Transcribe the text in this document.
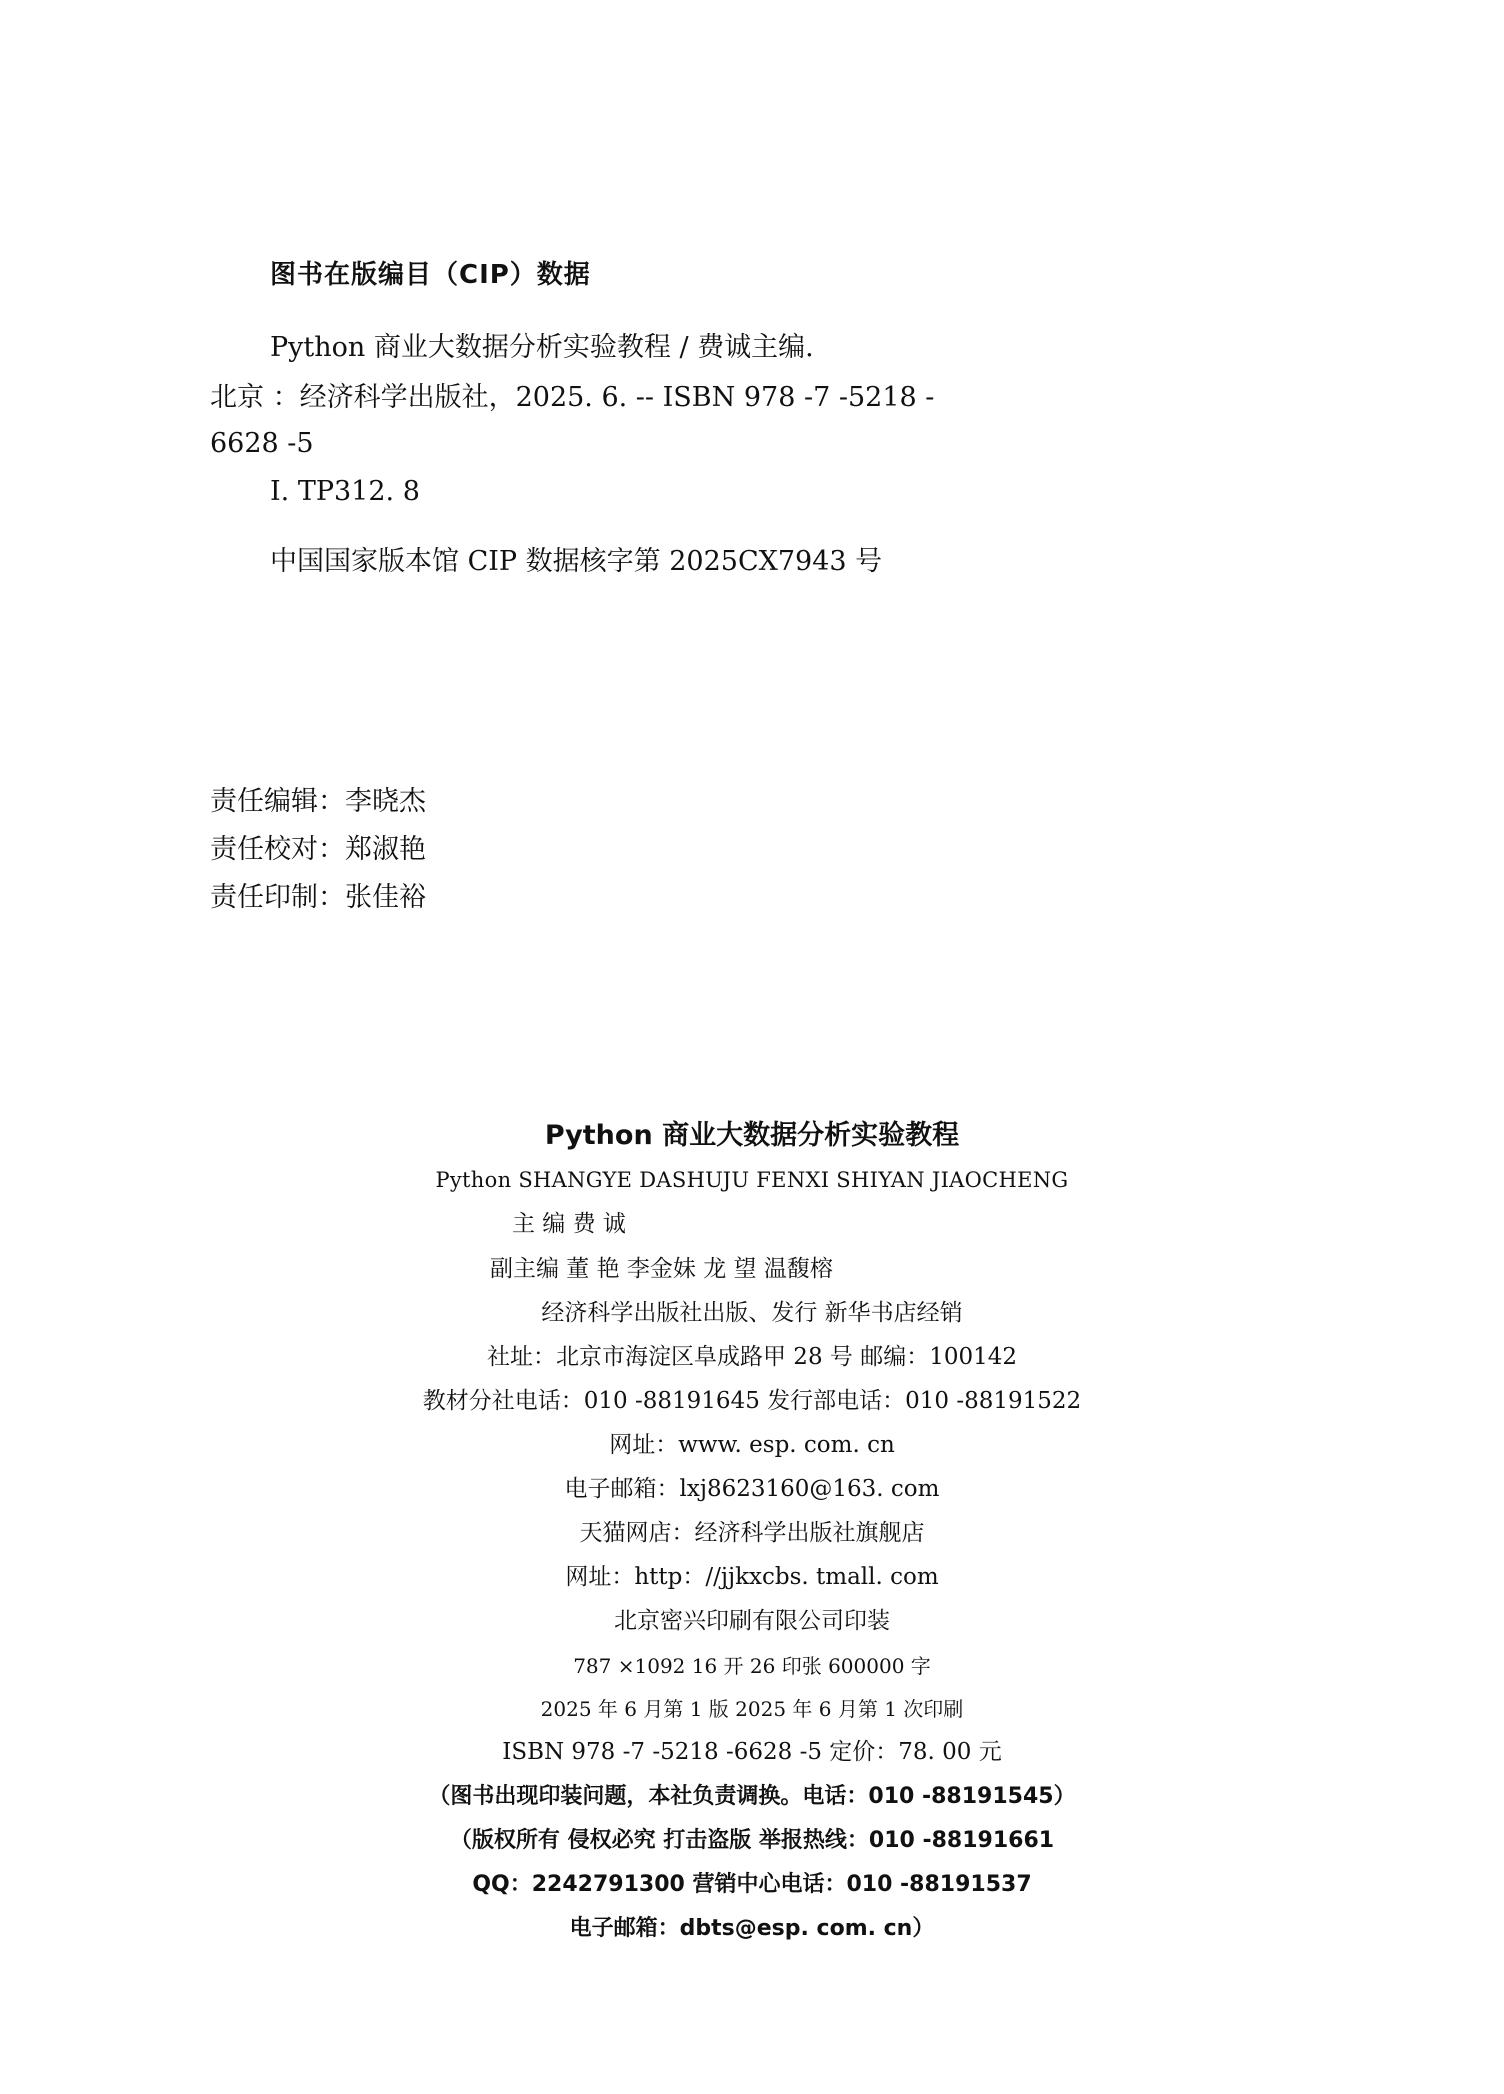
图书在版编目（CIP）数据
Python 商业大数据分析实验教程 / 费诚主编.
北京 ：经济科学出版社，2025. 6. -- ISBN 978 -7 -5218 -
6628 -5
Ⅰ. TP312. 8
中国国家版本馆 CIP 数据核字第 2025CX7943 号
责任编辑：李晓杰
责任校对：郑淑艳
责任印制：张佳裕
Python 商业大数据分析实验教程
Python SHANGYE DASHUJU FENXI SHIYAN JIAOCHENG
主 编 费 诚
副主编 董 艳 李金妹 龙 望 温馥榕
经济科学出版社出版、发行 新华书店经销
社址：北京市海淀区阜成路甲 28 号 邮编：100142
教材分社电话：010 -88191645 发行部电话：010 -88191522
网址：www. esp. com. cn
电子邮箱：lxj8623160@163. com
天猫网店：经济科学出版社旗舰店
网址：http：//jjkxcbs. tmall. com
北京密兴印刷有限公司印装
787 ×1092 16 开 26 印张 600000 字
2025 年 6 月第 1 版 2025 年 6 月第 1 次印刷
ISBN 978 -7 -5218 -6628 -5 定价：78. 00 元
（图书出现印装问题，本社负责调换。电话：010 -88191545）
（版权所有 侵权必究 打击盗版 举报热线：010 -88191661
QQ：2242791300 营销中心电话：010 -88191537
电子邮箱：dbts@esp. com. cn）
